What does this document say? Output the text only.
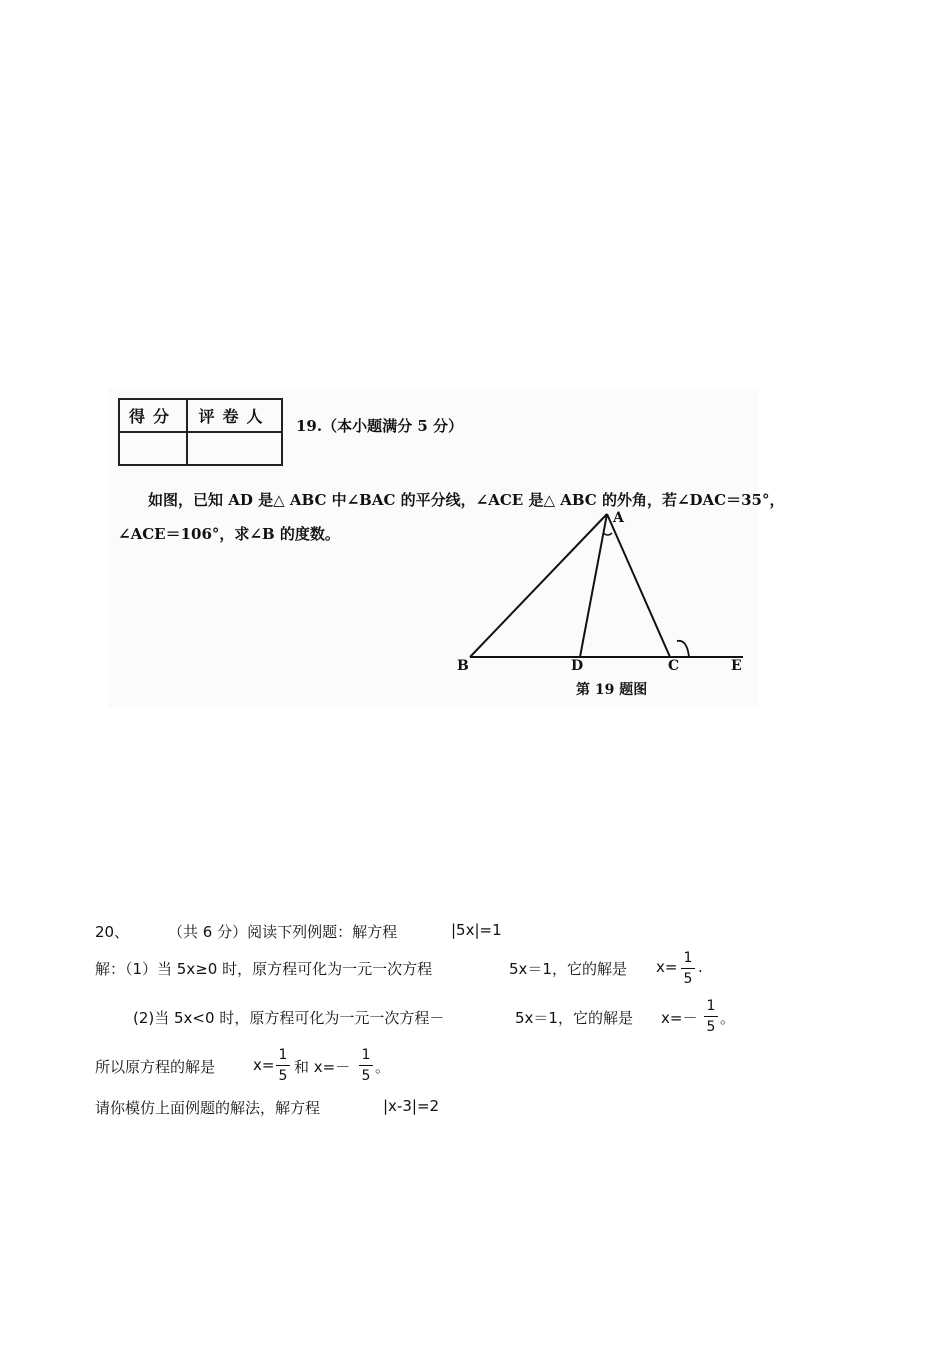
得分	评卷人
	19.（本小题满分 5 分）
如图，已知 AD 是△ ABC 中∠BAC 的平分线，∠ACE 是△ ABC 的外角，若∠DAC＝35°，
∠ACE＝106°，求∠B 的度数。
A
B	D	C	E
第 19 题图
20、	（共 6 分）阅读下列例题：解方程	|5x|=1
解：（1）当 5x≥0 时，原方程可化为一元一次方程	5x＝1，它的解是 x= 1
5
.
(2)当 5x<0 时，原方程可化为一元一次方程－	5x＝1，它的解是 x=－
1
5 。
所以原方程的解是	x=
1
5 和 x=－
1
5 。
请你模仿上面例题的解法，解方程	|x-3|=2
